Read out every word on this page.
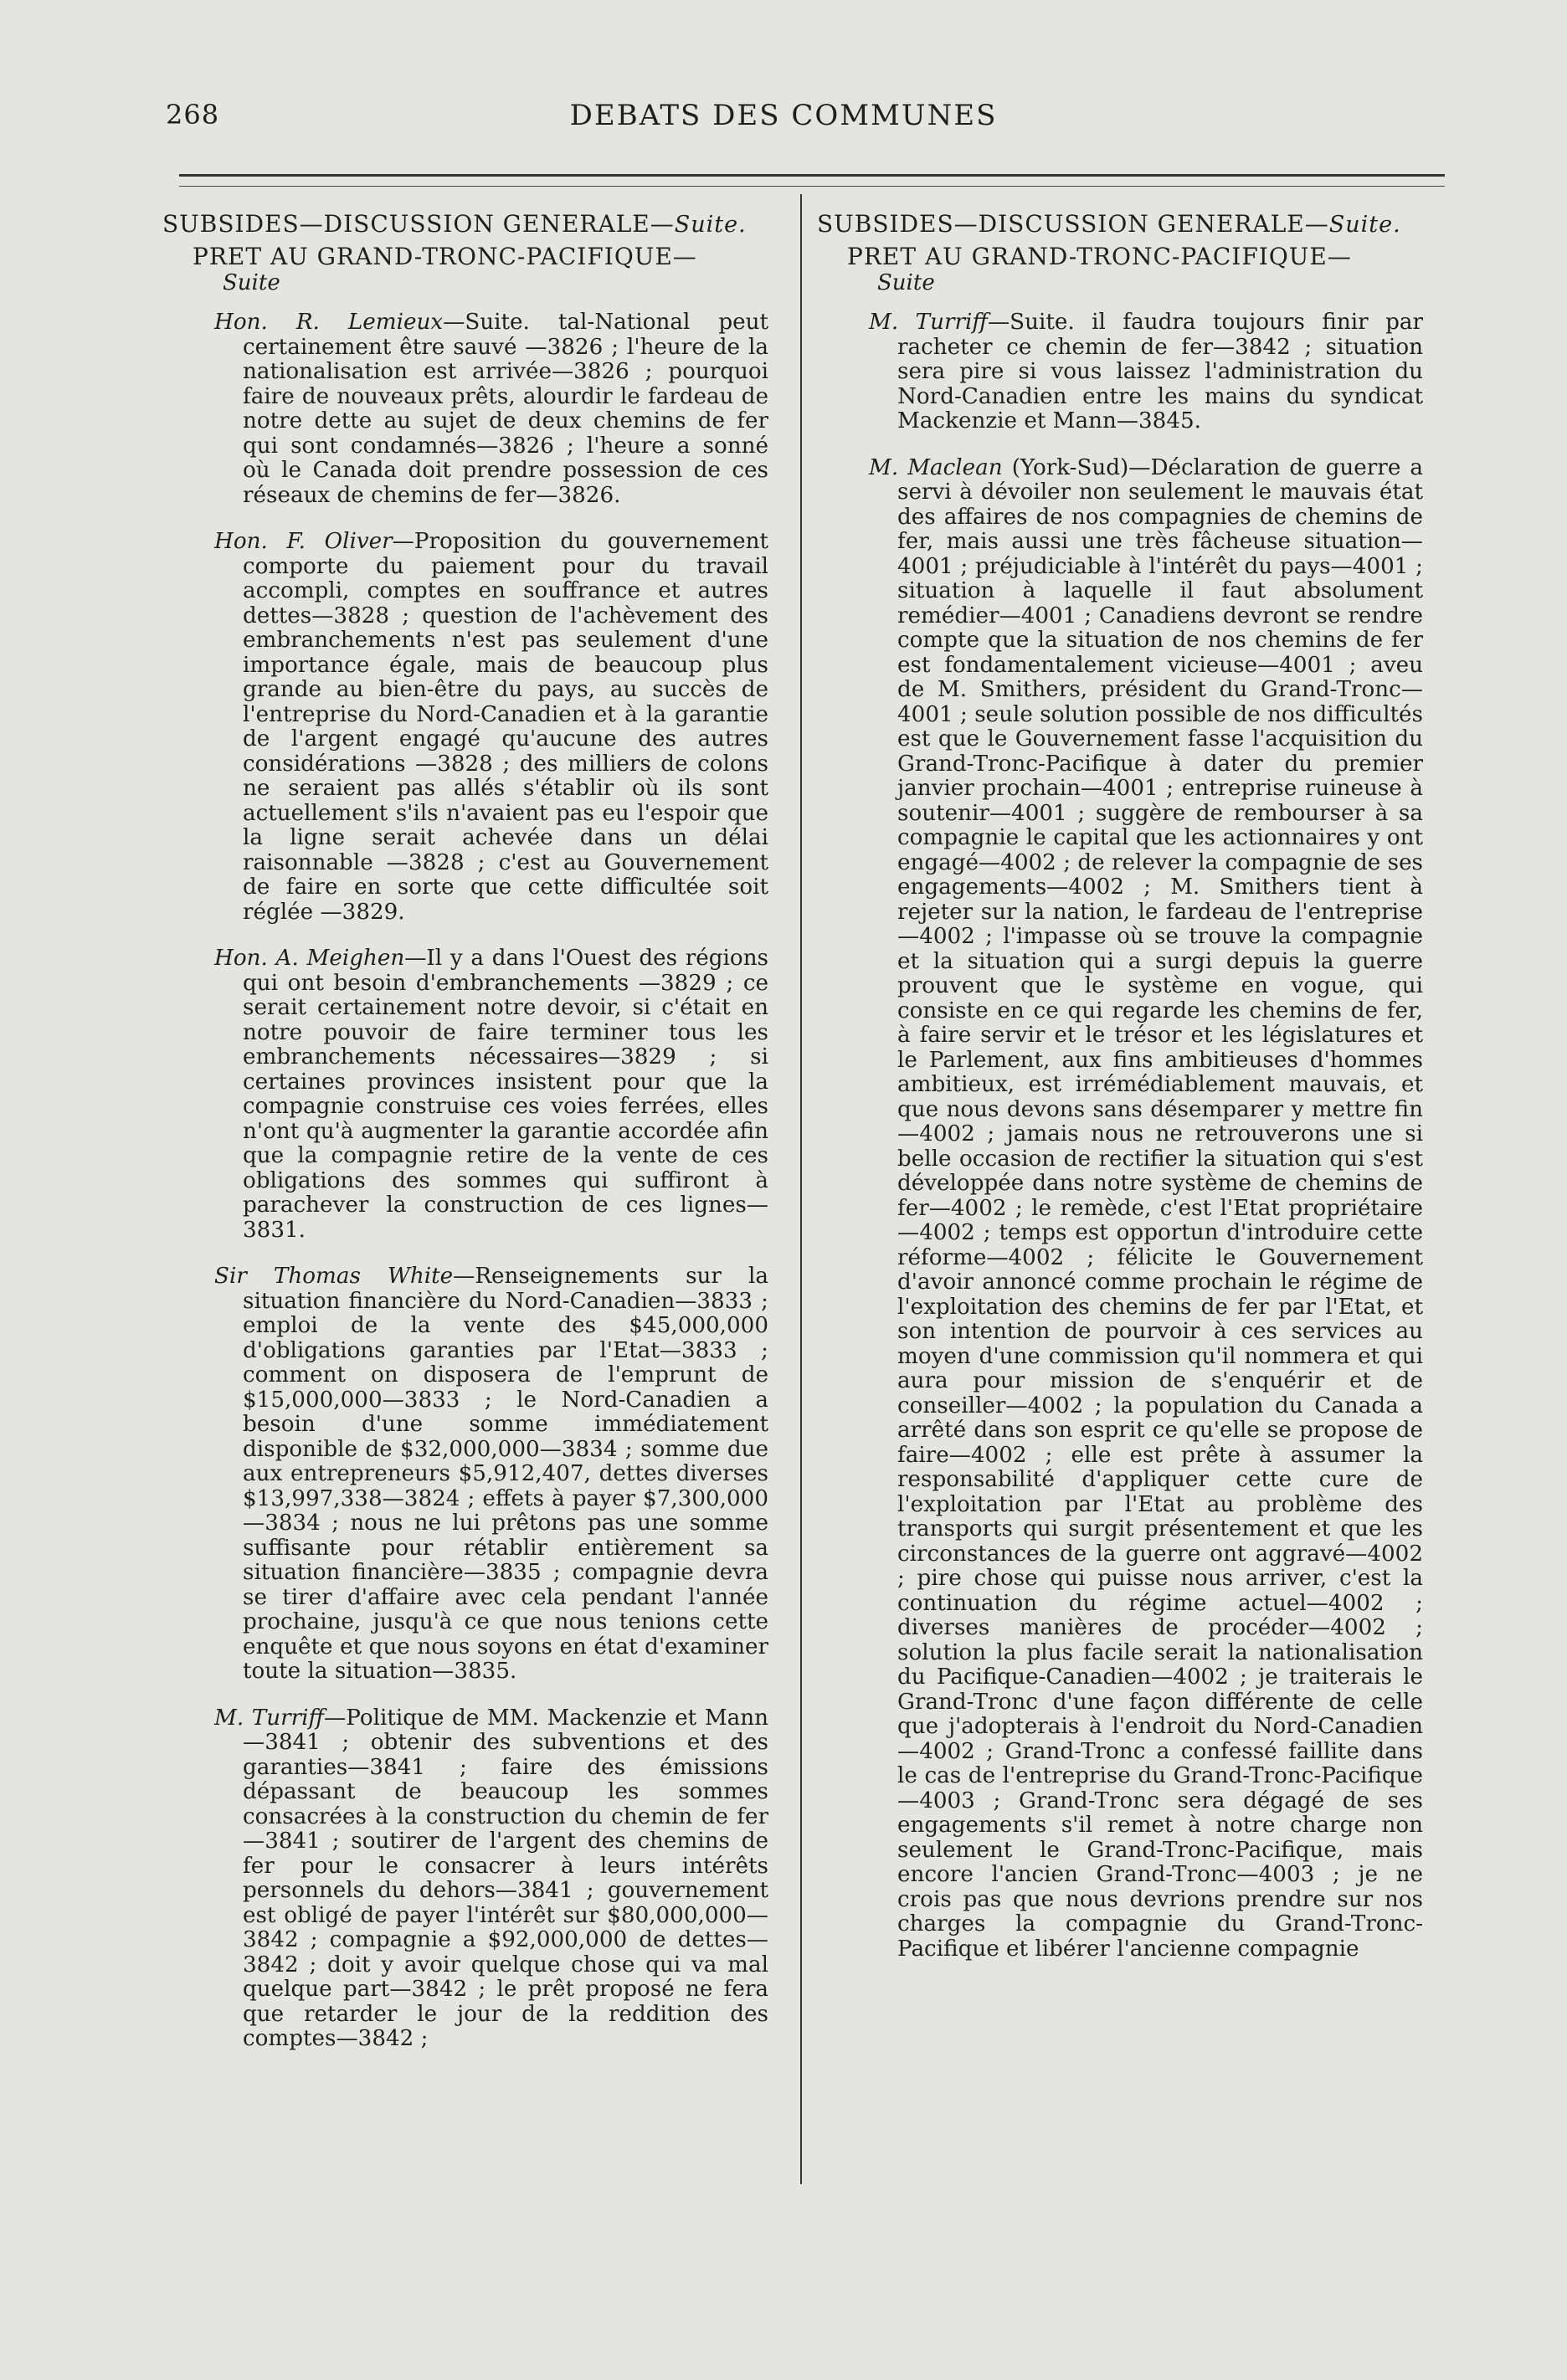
268	DEBATS DES COMMUNES

SUBSIDES—DISCUSSION GENERALE—Suite.

PRET AU GRAND-TRONC-PACIFIQUE—

Suite

Hon. R. Lemieux—Suite. tal-National peut certainement être sauvé —3826 ; l'heure de la nationalisation est arrivée—3826 ; pourquoi faire de nouveaux prêts, alourdir le fardeau de notre dette au sujet de deux chemins de fer qui sont condamnés—3826 ; l'heure a sonné où le Canada doit prendre possession de ces réseaux de chemins de fer—3826.

Hon. F. Oliver—Proposition du gouvernement comporte du paiement pour du travail accompli, comptes en souffrance et autres dettes—3828 ; question de l'achèvement des embranchements n'est pas seulement d'une importance égale, mais de beaucoup plus grande au bien-être du pays, au succès de l'entreprise du Nord-Canadien et à la garantie de l'argent engagé qu'aucune des autres considérations —3828 ; des milliers de colons ne seraient pas allés s'établir où ils sont actuellement s'ils n'avaient pas eu l'espoir que la ligne serait achevée dans un délai raisonnable —3828 ; c'est au Gouvernement de faire en sorte que cette difficultée soit réglée —3829.

Hon. A. Meighen—Il y a dans l'Ouest des régions qui ont besoin d'embranchements —3829 ; ce serait certainement notre devoir, si c'était en notre pouvoir de faire terminer tous les embranchements nécessaires—3829 ; si certaines provinces insistent pour que la compagnie construise ces voies ferrées, elles n'ont qu'à augmenter la garantie accordée afin que la compagnie retire de la vente de ces obligations des sommes qui suffiront à parachever la construction de ces lignes—3831.

Sir Thomas White—Renseignements sur la situation financière du Nord-Canadien—3833 ; emploi de la vente des $45,000,000 d'obligations garanties par l'Etat—3833 ; comment on disposera de l'emprunt de $15,000,000—3833 ; le Nord-Canadien a besoin d'une somme immédiatement disponible de $32,000,000—3834 ; somme due aux entrepreneurs $5,912,407, dettes diverses $13,997,338—3824 ; effets à payer $7,300,000—3834 ; nous ne lui prêtons pas une somme suffisante pour rétablir entièrement sa situation financière—3835 ; compagnie devra se tirer d'affaire avec cela pendant l'année prochaine, jusqu'à ce que nous tenions cette enquête et que nous soyons en état d'examiner toute la situation—3835.

M. Turriff—Politique de MM. Mackenzie et Mann—3841 ; obtenir des subventions et des garanties—3841 ; faire des émissions dépassant de beaucoup les sommes consacrées à la construction du chemin de fer—3841 ; soutirer de l'argent des chemins de fer pour le consacrer à leurs intérêts personnels du dehors—3841 ; gouvernement est obligé de payer l'intérêt sur $80,000,000—3842 ; compagnie a $92,000,000 de dettes—3842 ; doit y avoir quelque chose qui va mal quelque part—3842 ; le prêt proposé ne fera que retarder le jour de la reddition des comptes—3842 ;

SUBSIDES—DISCUSSION GENERALE—Suite.

PRET AU GRAND-TRONC-PACIFIQUE—

Suite

M. Turriff—Suite. il faudra toujours finir par racheter ce chemin de fer—3842 ; situation sera pire si vous laissez l'administration du Nord-Canadien entre les mains du syndicat Mackenzie et Mann—3845.

M. Maclean (York-Sud)—Déclaration de guerre a servi à dévoiler non seulement le mauvais état des affaires de nos compagnies de chemins de fer, mais aussi une très fâcheuse situation—4001 ; préjudiciable à l'intérêt du pays—4001 ; situation à laquelle il faut absolument remédier—4001 ; Canadiens devront se rendre compte que la situation de nos chemins de fer est fondamentalement vicieuse—4001 ; aveu de M. Smithers, président du Grand-Tronc—4001 ; seule solution possible de nos difficultés est que le Gouvernement fasse l'acquisition du Grand-Tronc-Pacifique à dater du premier janvier prochain—4001 ; entreprise ruineuse à soutenir—4001 ; suggère de rembourser à sa compagnie le capital que les actionnaires y ont engagé—4002 ; de relever la compagnie de ses engagements—4002 ; M. Smithers tient à rejeter sur la nation, le fardeau de l'entreprise—4002 ; l'impasse où se trouve la compagnie et la situation qui a surgi depuis la guerre prouvent que le système en vogue, qui consiste en ce qui regarde les chemins de fer, à faire servir et le trésor et les législatures et le Parlement, aux fins ambitieuses d'hommes ambitieux, est irrémédiablement mauvais, et que nous devons sans désemparer y mettre fin—4002 ; jamais nous ne retrouverons une si belle occasion de rectifier la situation qui s'est développée dans notre système de chemins de fer—4002 ; le remède, c'est l'Etat propriétaire—4002 ; temps est opportun d'introduire cette réforme—4002 ; félicite le Gouvernement d'avoir annoncé comme prochain le régime de l'exploitation des chemins de fer par l'Etat, et son intention de pourvoir à ces services au moyen d'une commission qu'il nommera et qui aura pour mission de s'enquérir et de conseiller—4002 ; la population du Canada a arrêté dans son esprit ce qu'elle se propose de faire—4002 ; elle est prête à assumer la responsabilité d'appliquer cette cure de l'exploitation par l'Etat au problème des transports qui surgit présentement et que les circonstances de la guerre ont aggravé—4002 ; pire chose qui puisse nous arriver, c'est la continuation du régime actuel—4002 ; diverses manières de procéder—4002 ; solution la plus facile serait la nationalisation du Pacifique-Canadien—4002 ; je traiterais le Grand-Tronc d'une façon différente de celle que j'adopterais à l'endroit du Nord-Canadien—4002 ; Grand-Tronc a confessé faillite dans le cas de l'entreprise du Grand-Tronc-Pacifique—4003 ; Grand-Tronc sera dégagé de ses engagements s'il remet à notre charge non seulement le Grand-Tronc-Pacifique, mais encore l'ancien Grand-Tronc—4003 ; je ne crois pas que nous devrions prendre sur nos charges la compagnie du Grand-Tronc-Pacifique et libérer l'ancienne compagnie
